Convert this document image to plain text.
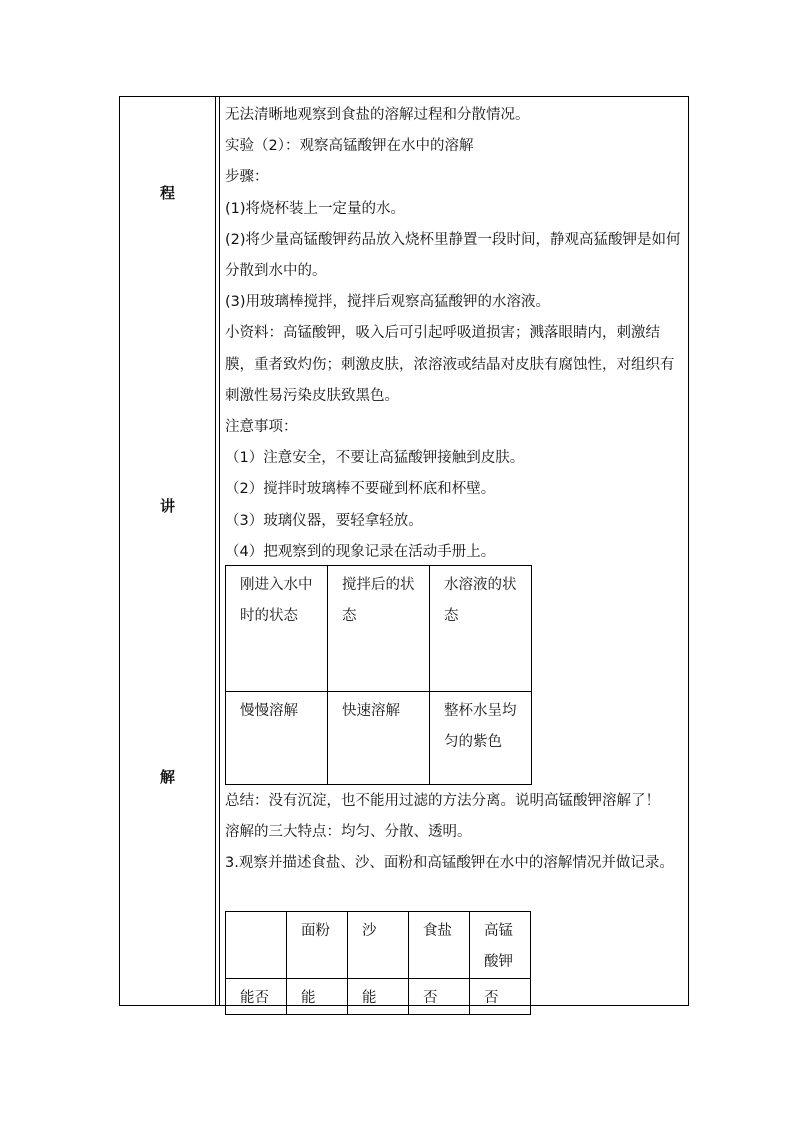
程
讲
解

无法清晰地观察到食盐的溶解过程和分散情况。

实验（2）：观察高锰酸钾在水中的溶解

步骤：

(1)将烧杯装上一定量的水。

(2)将少量高锰酸钾药品放入烧杯里静置一段时间，静观高猛酸钾是如何分散到水中的。

(3)用玻璃棒搅拌，搅拌后观察高猛酸钾的水溶液。

小资料：高锰酸钾，吸入后可引起呼吸道损害；溅落眼睛内，刺激结膜，重者致灼伤；刺激皮肤，浓溶液或结晶对皮肤有腐蚀性，对组织有刺激性易污染皮肤致黑色。

注意事项：

（1）注意安全，不要让高猛酸钾接触到皮肤。

（2）搅拌时玻璃棒不要碰到杯底和杯壁。

（3）玻璃仪器，要轻拿轻放。

（4）把观察到的现象记录在活动手册上。

刚进入水中时的状态	搅拌后的状态	水溶液的状态
慢慢溶解	快速溶解	整杯水呈均匀的紫色

总结：没有沉淀，也不能用过滤的方法分离。说明高锰酸钾溶解了！

溶解的三大特点：均匀、分散、透明。

3.观察并描述食盐、沙、面粉和高锰酸钾在水中的溶解情况并做记录。

	面粉	沙	食盐	高锰酸钾
能否	能	能	否	否
